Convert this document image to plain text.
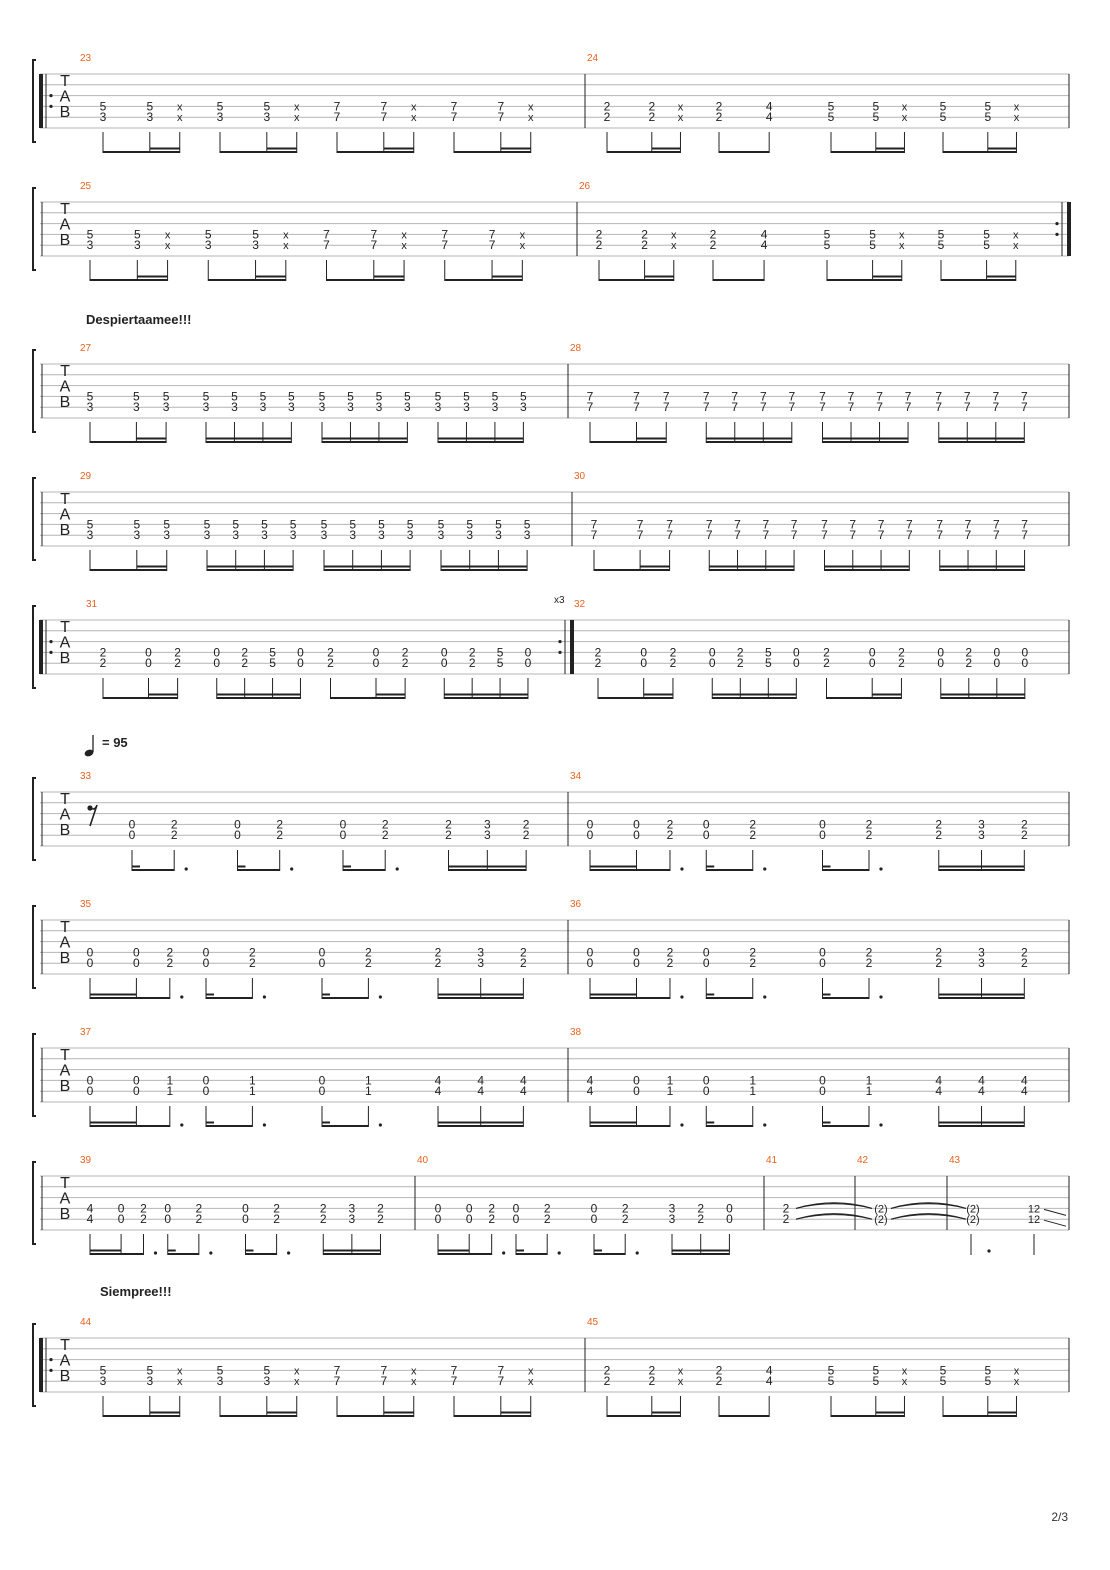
T
A
B
23
5
3
5
3
x
x
5
3
5
3
x
x
7
7
7
7
x
x
7
7
7
7
x
x
24
2
2
2
2
x
x
2
2
4
4
5
5
5
5
x
x
5
5
5
5
x
x
T
A
B
25
5
3
5
3
x
x
5
3
5
3
x
x
7
7
7
7
x
x
7
7
7
7
x
x
26
2
2
2
2
x
x
2
2
4
4
5
5
5
5
x
x
5
5
5
5
x
x
T
A
B
27
5
3
5
3
5
3
5
3
5
3
5
3
5
3
5
3
5
3
5
3
5
3
5
3
5
3
5
3
5
3
28
7
7
7
7
7
7
7
7
7
7
7
7
7
7
7
7
7
7
7
7
7
7
7
7
7
7
7
7
7
7
T
A
B
29
5
3
5
3
5
3
5
3
5
3
5
3
5
3
5
3
5
3
5
3
5
3
5
3
5
3
5
3
5
3
30
7
7
7
7
7
7
7
7
7
7
7
7
7
7
7
7
7
7
7
7
7
7
7
7
7
7
7
7
7
7
T
A
B
31	x3
2
2
0
0
2
2
0
0
2
2
5
5
0
0
2
2
0
0
2
2
0
0
2
2
5
5
0
0
32
2
2
0
0
2
2
0
0
2
2
5
5
0
0
2
2
0
0
2
2
0
0
2
2
0
0
0
0
T
A
B
33
0
0
2
2
0
0
2
2
0
0
2
2
2
2
3
3
2
2
34
0
0
0
0
2
2
0
0
2
2
0
0
2
2
2
2
3
3
2
2
T
A
B
35
0
0
0
0
2
2
0
0
2
2
0
0
2
2
2
2
3
3
2
2
36
0
0
0
0
2
2
0
0
2
2
0
0
2
2
2
2
3
3
2
2
T
A
B
37
0
0
0
0
1
1
0
0
1
1
0
0
1
1
4
4
4
4
4
4
38
4
4
0
0
1
1
0
0
1
1
0
0
1
1
4
4
4
4
4
4
T
A
B
39
4
4
0
0
2
2
0
0
2
2
0
0
2
2
2
2
3
3
2
2
40
0
0
0
0
2
2
0
0
2
2
0
0
2
2
3
3
2
2
0
0
41
2
2
42
(2)
(2)
43
(2)
(2)
12
12
T
A
B
44
5
3
5
3
x
x
5
3
5
3
x
x
7
7
7
7
x
x
7
7
7
7
x
x
45
2
2
2
2
x
x
2
2
4
4
5
5
5
5
x
x
5
5
5
5
x
x
Despiertaamee!!!
= 95
Siempree!!!
2/3
